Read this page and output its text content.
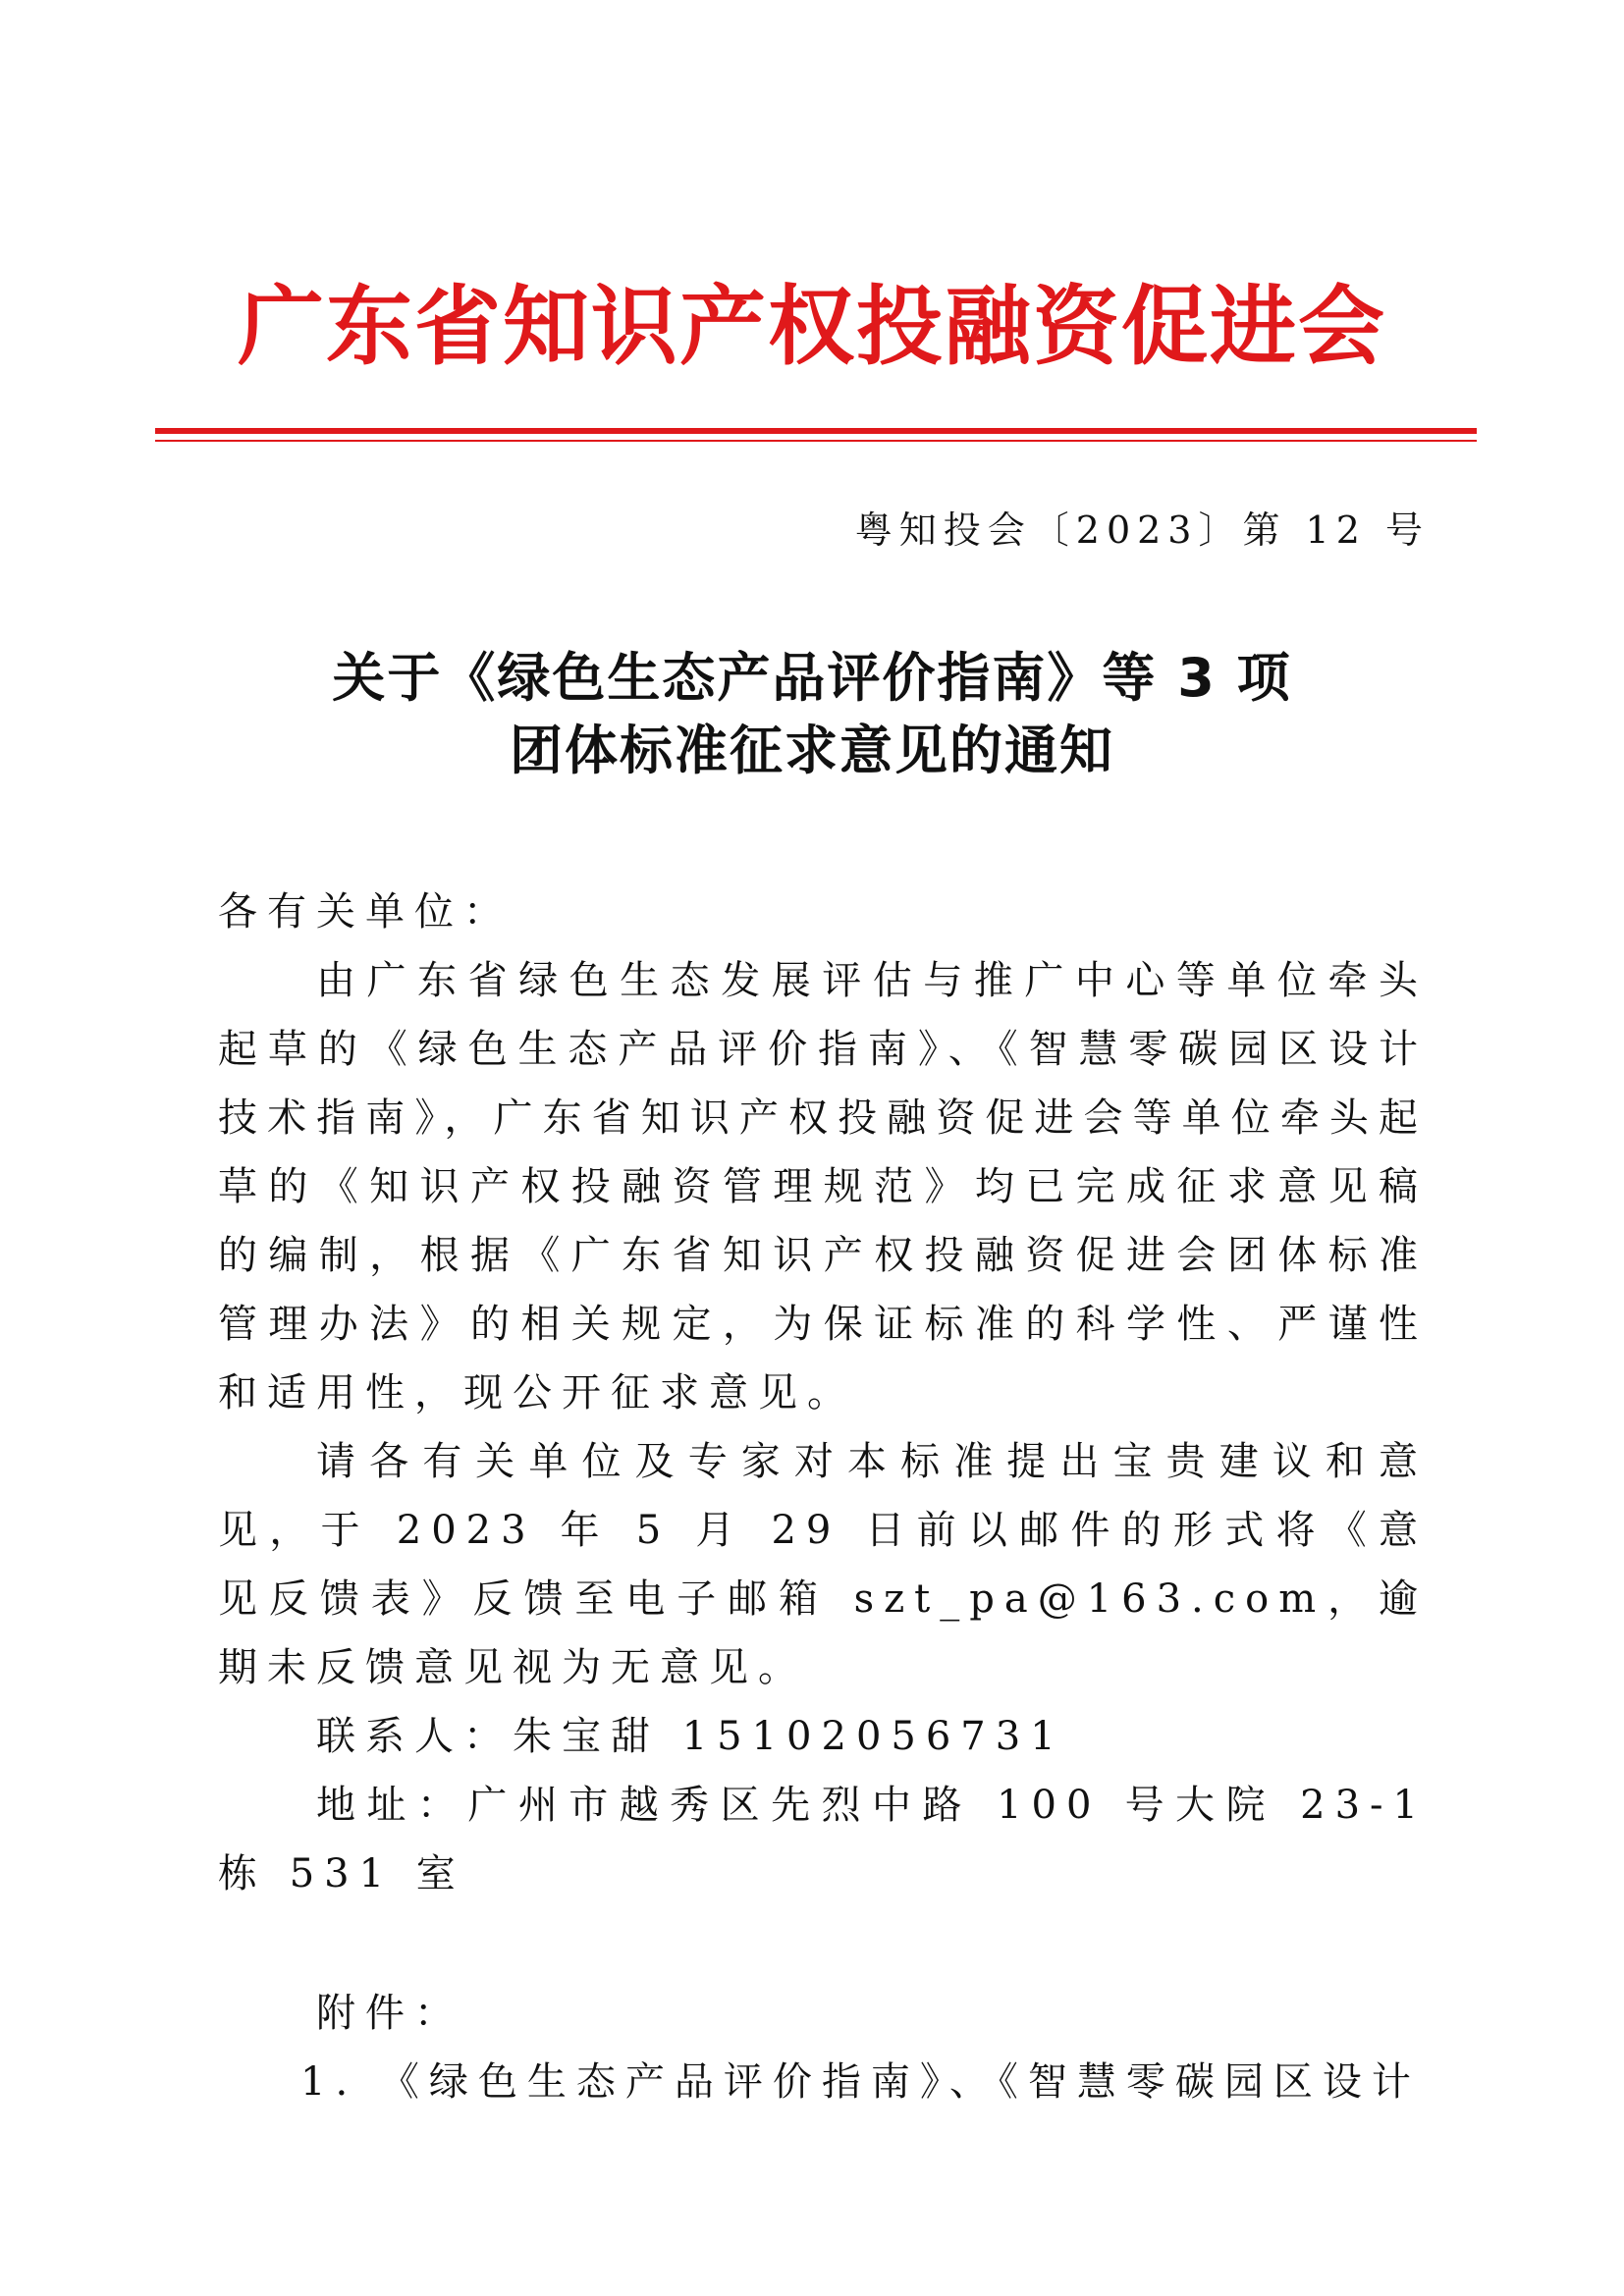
广东省知识产权投融资促进会
粤知投会〔2023〕第 12 号
关于《绿色生态产品评价指南》等 3 项
团体标准征求意见的通知

各有关单位：

由广东省绿色生态发展评估与推广中心等单位牵头起草的《绿色生态产品评价指南》、《智慧零碳园区设计技术指南》，广东省知识产权投融资促进会等单位牵头起草的《知识产权投融资管理规范》均已完成征求意见稿的编制，根据《广东省知识产权投融资促进会团体标准管理办法》的相关规定，为保证标准的科学性、严谨性和适用性，现公开征求意见。

请各有关单位及专家对本标准提出宝贵建议和意见，于 2023 年 5 月 29 日前以邮件的形式将《意见反馈表》反馈至电子邮箱 szt_pa@163.com，逾期未反馈意见视为无意见。

联系人：朱宝甜 15102056731

地址：广州市越秀区先烈中路 100 号大院 23-1 栋 531 室

附件：

1. 《绿色生态产品评价指南》、《智慧零碳园区设计
